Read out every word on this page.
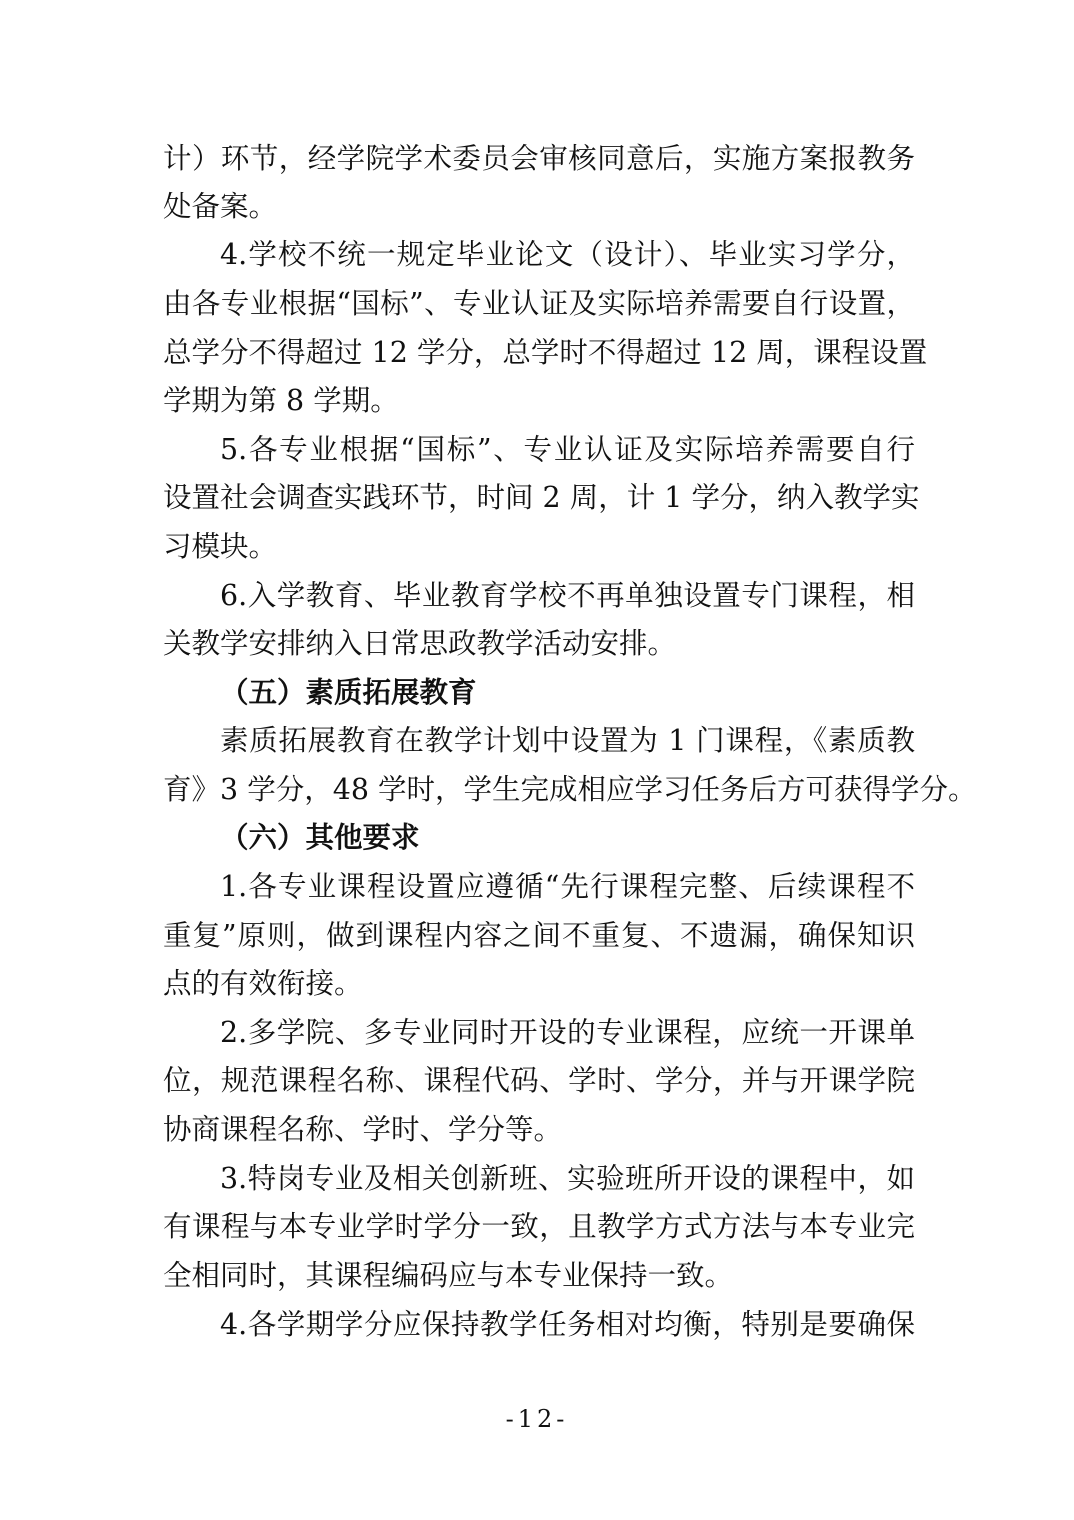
计）环节，经学院学术委员会审核同意后，实施方案报教务
处备案。
4.学校不统一规定毕业论文（设计）、毕业实习学分，
由各专业根据“国标”、专业认证及实际培养需要自行设置，
总学分不得超过 12 学分，总学时不得超过 12 周，课程设置
学期为第 8 学期。
5.各专业根据“国标”、专业认证及实际培养需要自行
设置社会调查实践环节，时间 2 周，计 1 学分，纳入教学实
习模块。
6.入学教育、毕业教育学校不再单独设置专门课程，相
关教学安排纳入日常思政教学活动安排。
（五）素质拓展教育
素质拓展教育在教学计划中设置为 1 门课程，《素质教
育》3 学分，48 学时，学生完成相应学习任务后方可获得学分。
（六）其他要求
1.各专业课程设置应遵循“先行课程完整、后续课程不
重复”原则，做到课程内容之间不重复、不遗漏，确保知识
点的有效衔接。
2.多学院、多专业同时开设的专业课程，应统一开课单
位，规范课程名称、课程代码、学时、学分，并与开课学院
协商课程名称、学时、学分等。
3.特岗专业及相关创新班、实验班所开设的课程中，如
有课程与本专业学时学分一致，且教学方式方法与本专业完
全相同时，其课程编码应与本专业保持一致。
4.各学期学分应保持教学任务相对均衡，特别是要确保
-12-
